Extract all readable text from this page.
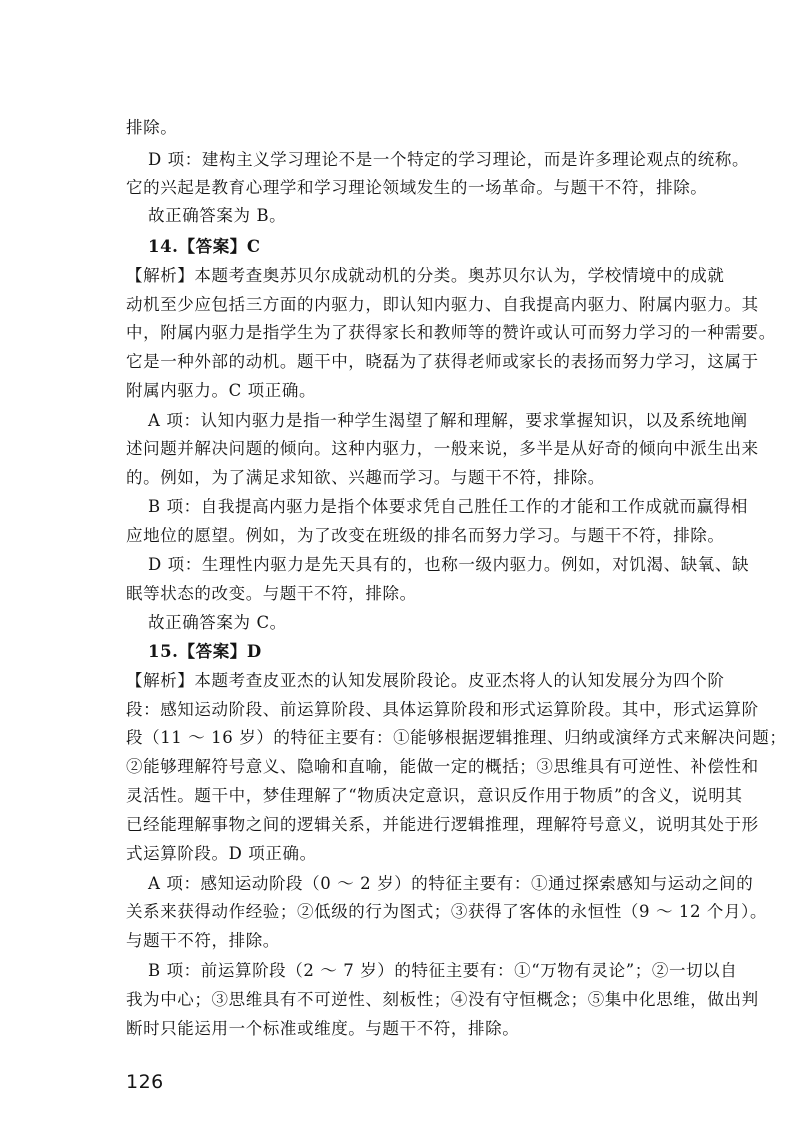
排除。
D 项：建构主义学习理论不是一个特定的学习理论，而是许多理论观点的统称。
它的兴起是教育心理学和学习理论领域发生的一场革命。与题干不符，排除。
故正确答案为 B。
14.【答案】C
【解析】本题考查奥苏贝尔成就动机的分类。奥苏贝尔认为，学校情境中的成就
动机至少应包括三方面的内驱力，即认知内驱力、自我提高内驱力、附属内驱力。其
中，附属内驱力是指学生为了获得家长和教师等的赞许或认可而努力学习的一种需要。
它是一种外部的动机。题干中，晓磊为了获得老师或家长的表扬而努力学习，这属于
附属内驱力。C 项正确。
A 项：认知内驱力是指一种学生渴望了解和理解，要求掌握知识，以及系统地阐
述问题并解决问题的倾向。这种内驱力，一般来说，多半是从好奇的倾向中派生出来
的。例如，为了满足求知欲、兴趣而学习。与题干不符，排除。
B 项：自我提高内驱力是指个体要求凭自己胜任工作的才能和工作成就而赢得相
应地位的愿望。例如，为了改变在班级的排名而努力学习。与题干不符，排除。
D 项：生理性内驱力是先天具有的，也称一级内驱力。例如，对饥渴、缺氧、缺
眠等状态的改变。与题干不符，排除。
故正确答案为 C。
15.【答案】D
【解析】本题考查皮亚杰的认知发展阶段论。皮亚杰将人的认知发展分为四个阶
段：感知运动阶段、前运算阶段、具体运算阶段和形式运算阶段。其中，形式运算阶
段（11 ～ 16 岁）的特征主要有：①能够根据逻辑推理、归纳或演绎方式来解决问题；
②能够理解符号意义、隐喻和直喻，能做一定的概括；③思维具有可逆性、补偿性和
灵活性。题干中，梦佳理解了“物质决定意识，意识反作用于物质”的含义，说明其
已经能理解事物之间的逻辑关系，并能进行逻辑推理，理解符号意义，说明其处于形
式运算阶段。D 项正确。
A 项：感知运动阶段（0 ～ 2 岁）的特征主要有：①通过探索感知与运动之间的
关系来获得动作经验；②低级的行为图式；③获得了客体的永恒性（9 ～ 12 个月）。
与题干不符，排除。
B 项：前运算阶段（2 ～ 7 岁）的特征主要有：①“万物有灵论”；②一切以自
我为中心；③思维具有不可逆性、刻板性；④没有守恒概念；⑤集中化思维，做出判
断时只能运用一个标准或维度。与题干不符，排除。
126
